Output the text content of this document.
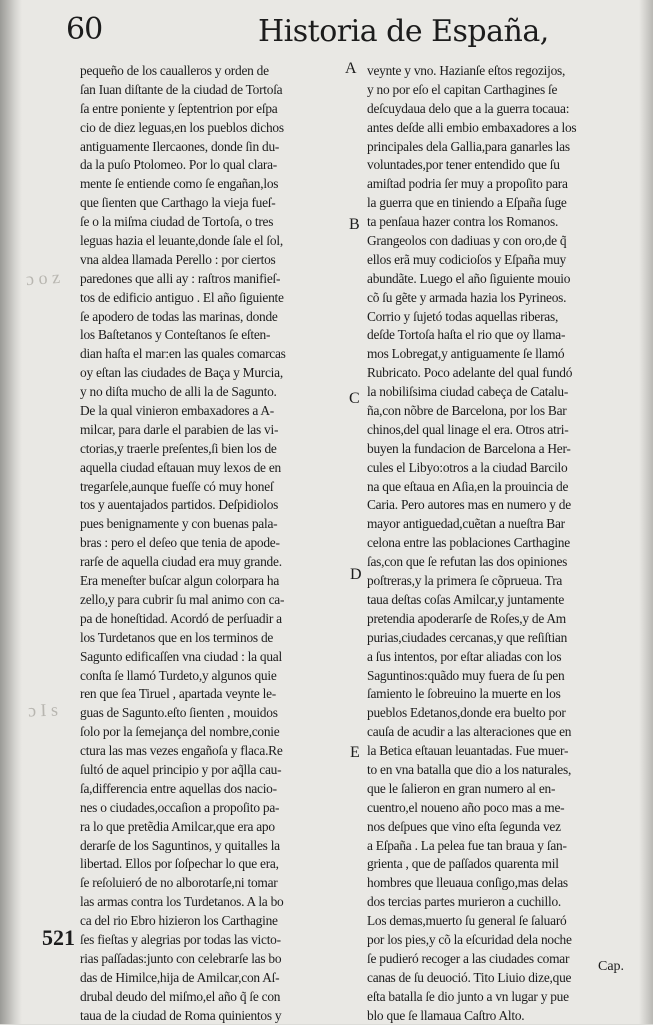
ɔ o z
ɔ I s
60	Historia de España,
pequeño de los caualleros y orden de
ſan Iuan diſtante de la ciudad de Tortoſa
ſa entre poniente y ſeptentrion por eſpa
cio de diez leguas,en los pueblos dichos
antiguamente Ilercaones, donde ſin du-
da la puſo Ptolomeo. Por lo qual clara-
mente ſe entiende como ſe engañan,los
que ſienten que Carthago la vieja fueſ-
ſe o la miſma ciudad de Tortoſa, o tres
leguas hazia el leuante,donde ſale el ſol,
vna aldea llamada Perello : por ciertos
paredones que alli ay : raſtros manifieſ-
tos de edificio antiguo . El año ſiguiente
ſe apodero de todas las marinas, donde
los Baſtetanos y Conteſtanos ſe eſten-
dian haſta el mar:en las quales comarcas
oy eſtan las ciudades de Baça y Murcia,
y no diſta mucho de alli la de Sagunto.
De la qual vinieron embaxadores a A-
milcar, para darle el parabien de las vi-
ctorias,y traerle preſentes,ſi bien los de
aquella ciudad eſtauan muy lexos de en
tregarſele,aunque fueſſe có muy honeſ
tos y auentajados partidos. Deſpidiolos
pues benignamente y con buenas pala-
bras : pero el deſeo que tenia de apode-
rarſe de aquella ciudad era muy grande.
Era meneſter buſcar algun colorpara ha
zello,y para cubrir ſu mal animo con ca-
pa de honeſtidad. Acordó de perſuadir a
los Turdetanos que en los terminos de
Sagunto edificaſſen vna ciudad : la qual
conſta ſe llamó Turdeto,y algunos quie
ren que ſea Tiruel , apartada veynte le-
guas de Sagunto.eſto ſienten , mouidos
ſolo por la ſemejança del nombre,conie
ctura las mas vezes engañoſa y flaca.Re
ſultó de aquel principio y por aq̃lla cau-
ſa,differencia entre aquellas dos nacio-
nes o ciudades,occaſion a propoſito pa-
ra lo que pretẽdia Amilcar,que era apo
derarſe de los Saguntinos, y quitalles la
libertad. Ellos por ſoſpechar lo que era,
ſe reſoluieró de no alborotarſe,ni tomar
las armas contra los Turdetanos. A la bo
ca del rio Ebro hizieron los Carthagine
ſes fieſtas y alegrias por todas las victo-
rias paſſadas:junto con celebrarſe las bo
das de Himilce,hija de Amilcar,con Aſ-
drubal deudo del miſmo,el año q̃ ſe con
taua de la ciudad de Roma quinientos y
veynte y vno. Hazianſe eſtos regozijos,
y no por eſo el capitan Carthagines ſe
deſcuydaua delo que a la guerra tocaua:
antes deſde alli embio embaxadores a los
principales dela Gallia,para ganarles las
voluntades,por tener entendido que ſu
amiſtad podria ſer muy a propoſito para
la guerra que en tiniendo a Eſpaña ſuge
ta penſaua hazer contra los Romanos.
Grangeolos con dadiuas y con oro,de q̃
ellos erã muy codicioſos y Eſpaña muy
abundãte. Luego el año ſiguiente mouio
cõ ſu gẽte y armada hazia los Pyrineos.
Corrio y ſujetó todas aquellas riberas,
deſde Tortoſa haſta el rio que oy llama-
mos Lobregat,y antiguamente ſe llamó
Rubricato. Poco adelante del qual fundó
la nobiliſsima ciudad cabeça de Catalu-
ña,con nõbre de Barcelona, por los Bar
chinos,del qual linage el era. Otros atri-
buyen la fundacion de Barcelona a Her-
cules el Libyo:otros a la ciudad Barcilo
na que eſtaua en Aſia,en la prouincia de
Caria. Pero autores mas en numero y de
mayor antiguedad,cuẽtan a nueſtra Bar
celona entre las poblaciones Carthagine
ſas,con que ſe refutan las dos opiniones
poſtreras,y la primera ſe cõprueua. Tra
taua deſtas coſas Amilcar,y juntamente
pretendia apoderarſe de Roſes,y de Am
purias,ciudades cercanas,y que reſiſtian
a ſus intentos, por eſtar aliadas con los
Saguntinos:quãdo muy fuera de ſu pen
ſamiento le ſobreuino la muerte en los
pueblos Edetanos,donde era buelto por
cauſa de acudir a las alteraciones que en
la Betica eſtauan leuantadas. Fue muer-
to en vna batalla que dio a los naturales,
que le ſalieron en gran numero al en-
cuentro,el noueno año poco mas a me-
nos deſpues que vino eſta ſegunda vez
a Eſpaña . La pelea fue tan braua y ſan-
grienta , que de paſſados quarenta mil
hombres que lleuaua conſigo,mas delas
dos tercias partes murieron a cuchillo.
Los demas,muerto ſu general ſe ſaluaró
por los pies,y cõ la eſcuridad dela noche
ſe pudieró recoger a las ciudades comar
canas de ſu deuoció. Tito Liuio dize,que
eſta batalla ſe dio junto a vn lugar y pue
blo que ſe llamaua Caſtro Alto.
A
B
C
D
E
521
Cap.
